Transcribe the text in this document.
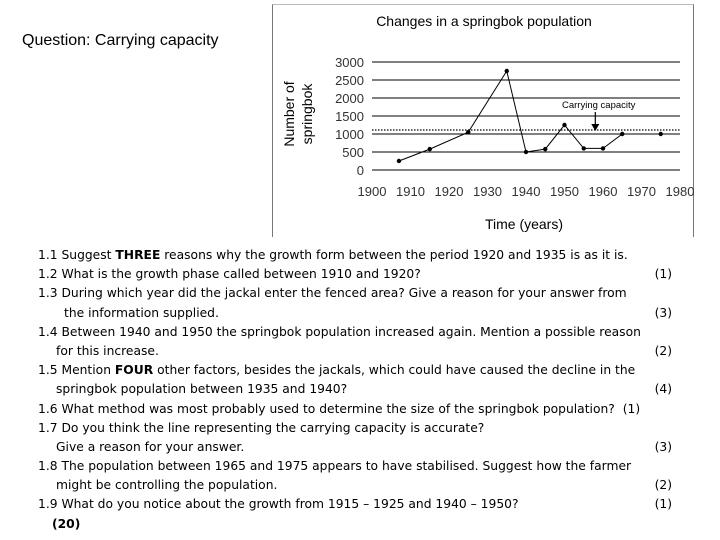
Question: Carrying capacity
Changes in a springbok population
Number of springbok
0
500
1000
1500
2000
2500
3000
1900 1910 1920 1930 1940 1950 1960 1970 1980
Carrying capacity
Time (years)
1.1 Suggest THREE reasons why the growth form between the period 1920 and 1935 is as it is.
1.2 What is the growth phase called between 1910 and 1920?	(1)
1.3 During which year did the jackal enter the fenced area? Give a reason for your answer from
the information supplied.	(3)
1.4 Between 1940 and 1950 the springbok population increased again. Mention a possible reason
for this increase.	(2)
1.5 Mention FOUR other factors, besides the jackals, which could have caused the decline in the
springbok population between 1935 and 1940?	(4)
1.6 What method was most probably used to determine the size of the springbok population? (1)
1.7 Do you think the line representing the carrying capacity is accurate?
Give a reason for your answer.	(3)
1.8 The population between 1965 and 1975 appears to have stabilised. Suggest how the farmer
might be controlling the population.	(2)
1.9 What do you notice about the growth from 1915 – 1925 and 1940 – 1950?	(1)
(20)
